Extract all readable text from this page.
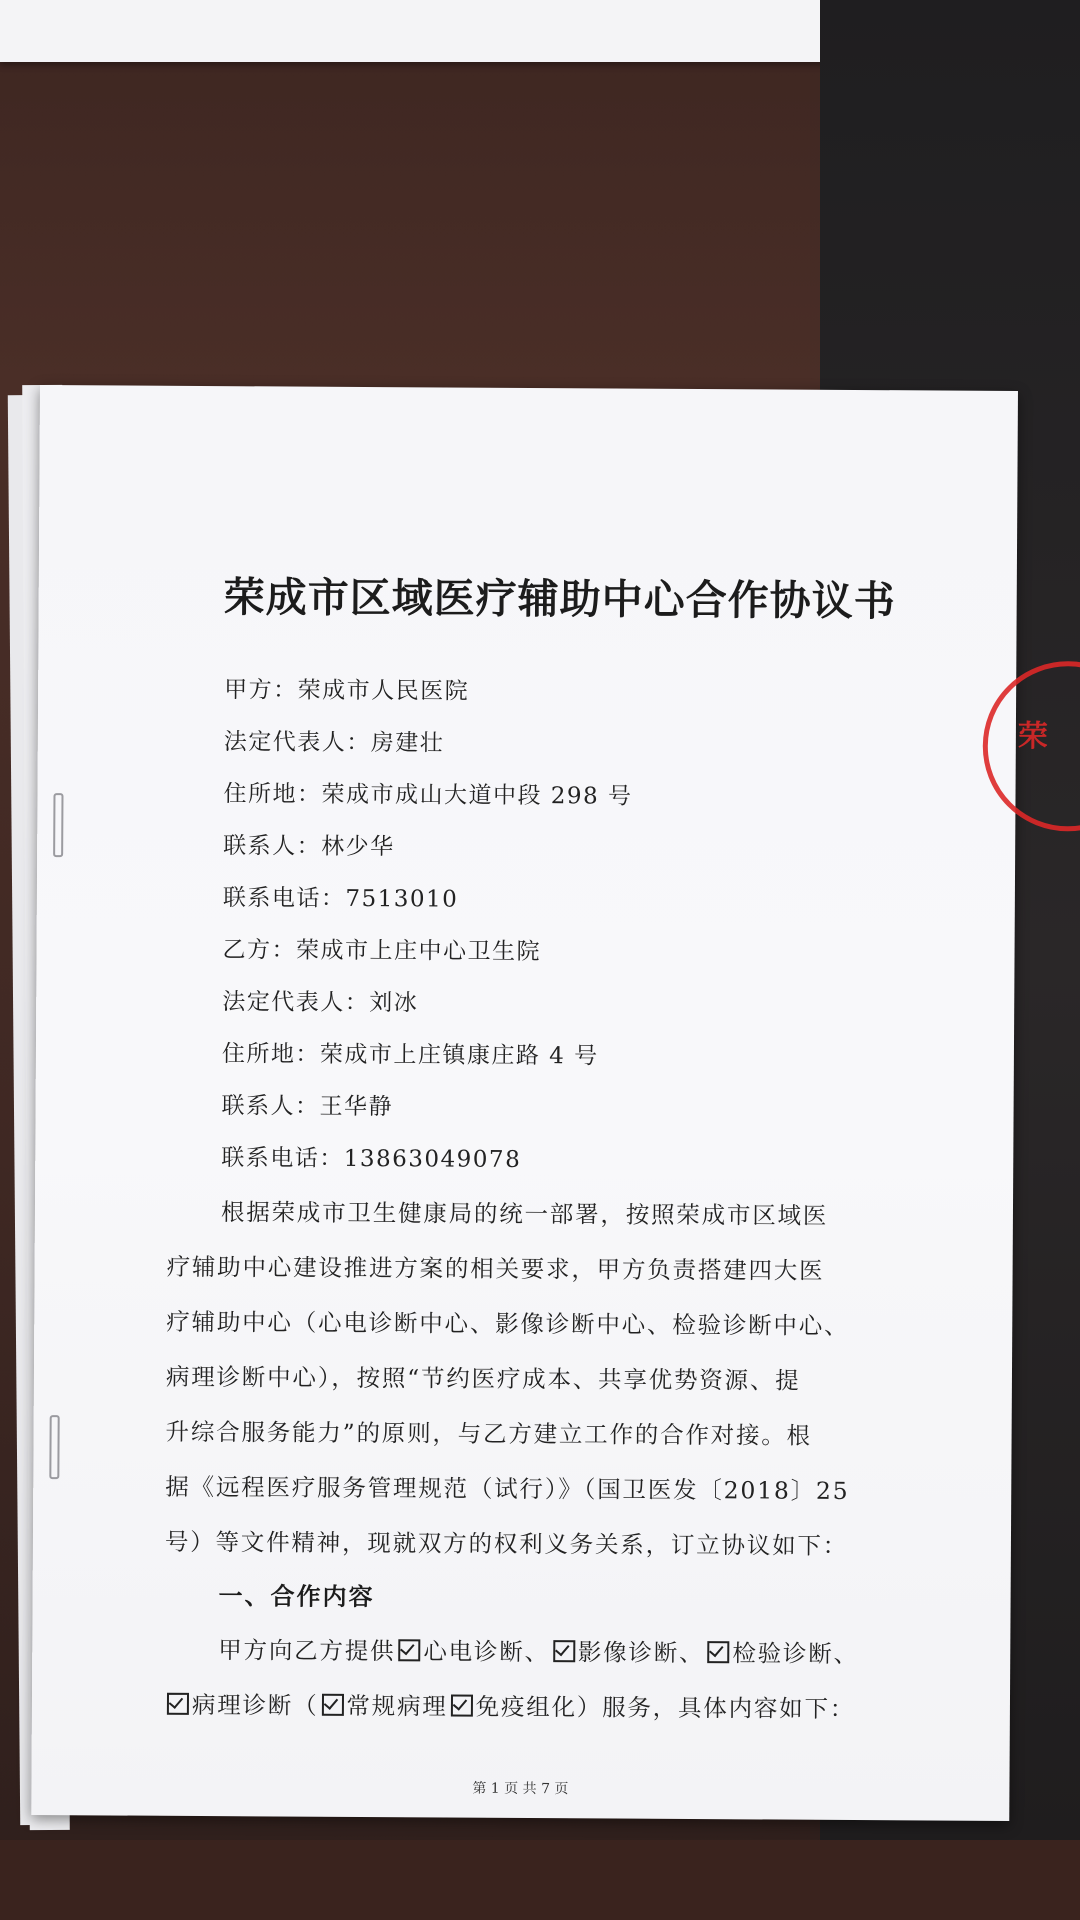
荣成市区域医疗辅助中心合作协议书
甲方：荣成市人民医院
法定代表人：房建壮
住所地：荣成市成山大道中段 298 号
联系人：林少华
联系电话：7513010
乙方：荣成市上庄中心卫生院
法定代表人：刘冰
住所地：荣成市上庄镇康庄路 4 号
联系人：王华静
联系电话：13863049078
根据荣成市卫生健康局的统一部署，按照荣成市区域医
疗辅助中心建设推进方案的相关要求，甲方负责搭建四大医
疗辅助中心（心电诊断中心、影像诊断中心、检验诊断中心、
病理诊断中心），按照“节约医疗成本、共享优势资源、提
升综合服务能力”的原则，与乙方建立工作的合作对接。根
据《远程医疗服务管理规范（试行）》（国卫医发〔2018〕25
号）等文件精神，现就双方的权利义务关系，订立协议如下：
一、合作内容
甲方向乙方提供 心电诊断、 影像诊断、 检验诊断、
病理诊断（ 常规病理 免疫组化）服务，具体内容如下：
第 1 页 共 7 页
荣
